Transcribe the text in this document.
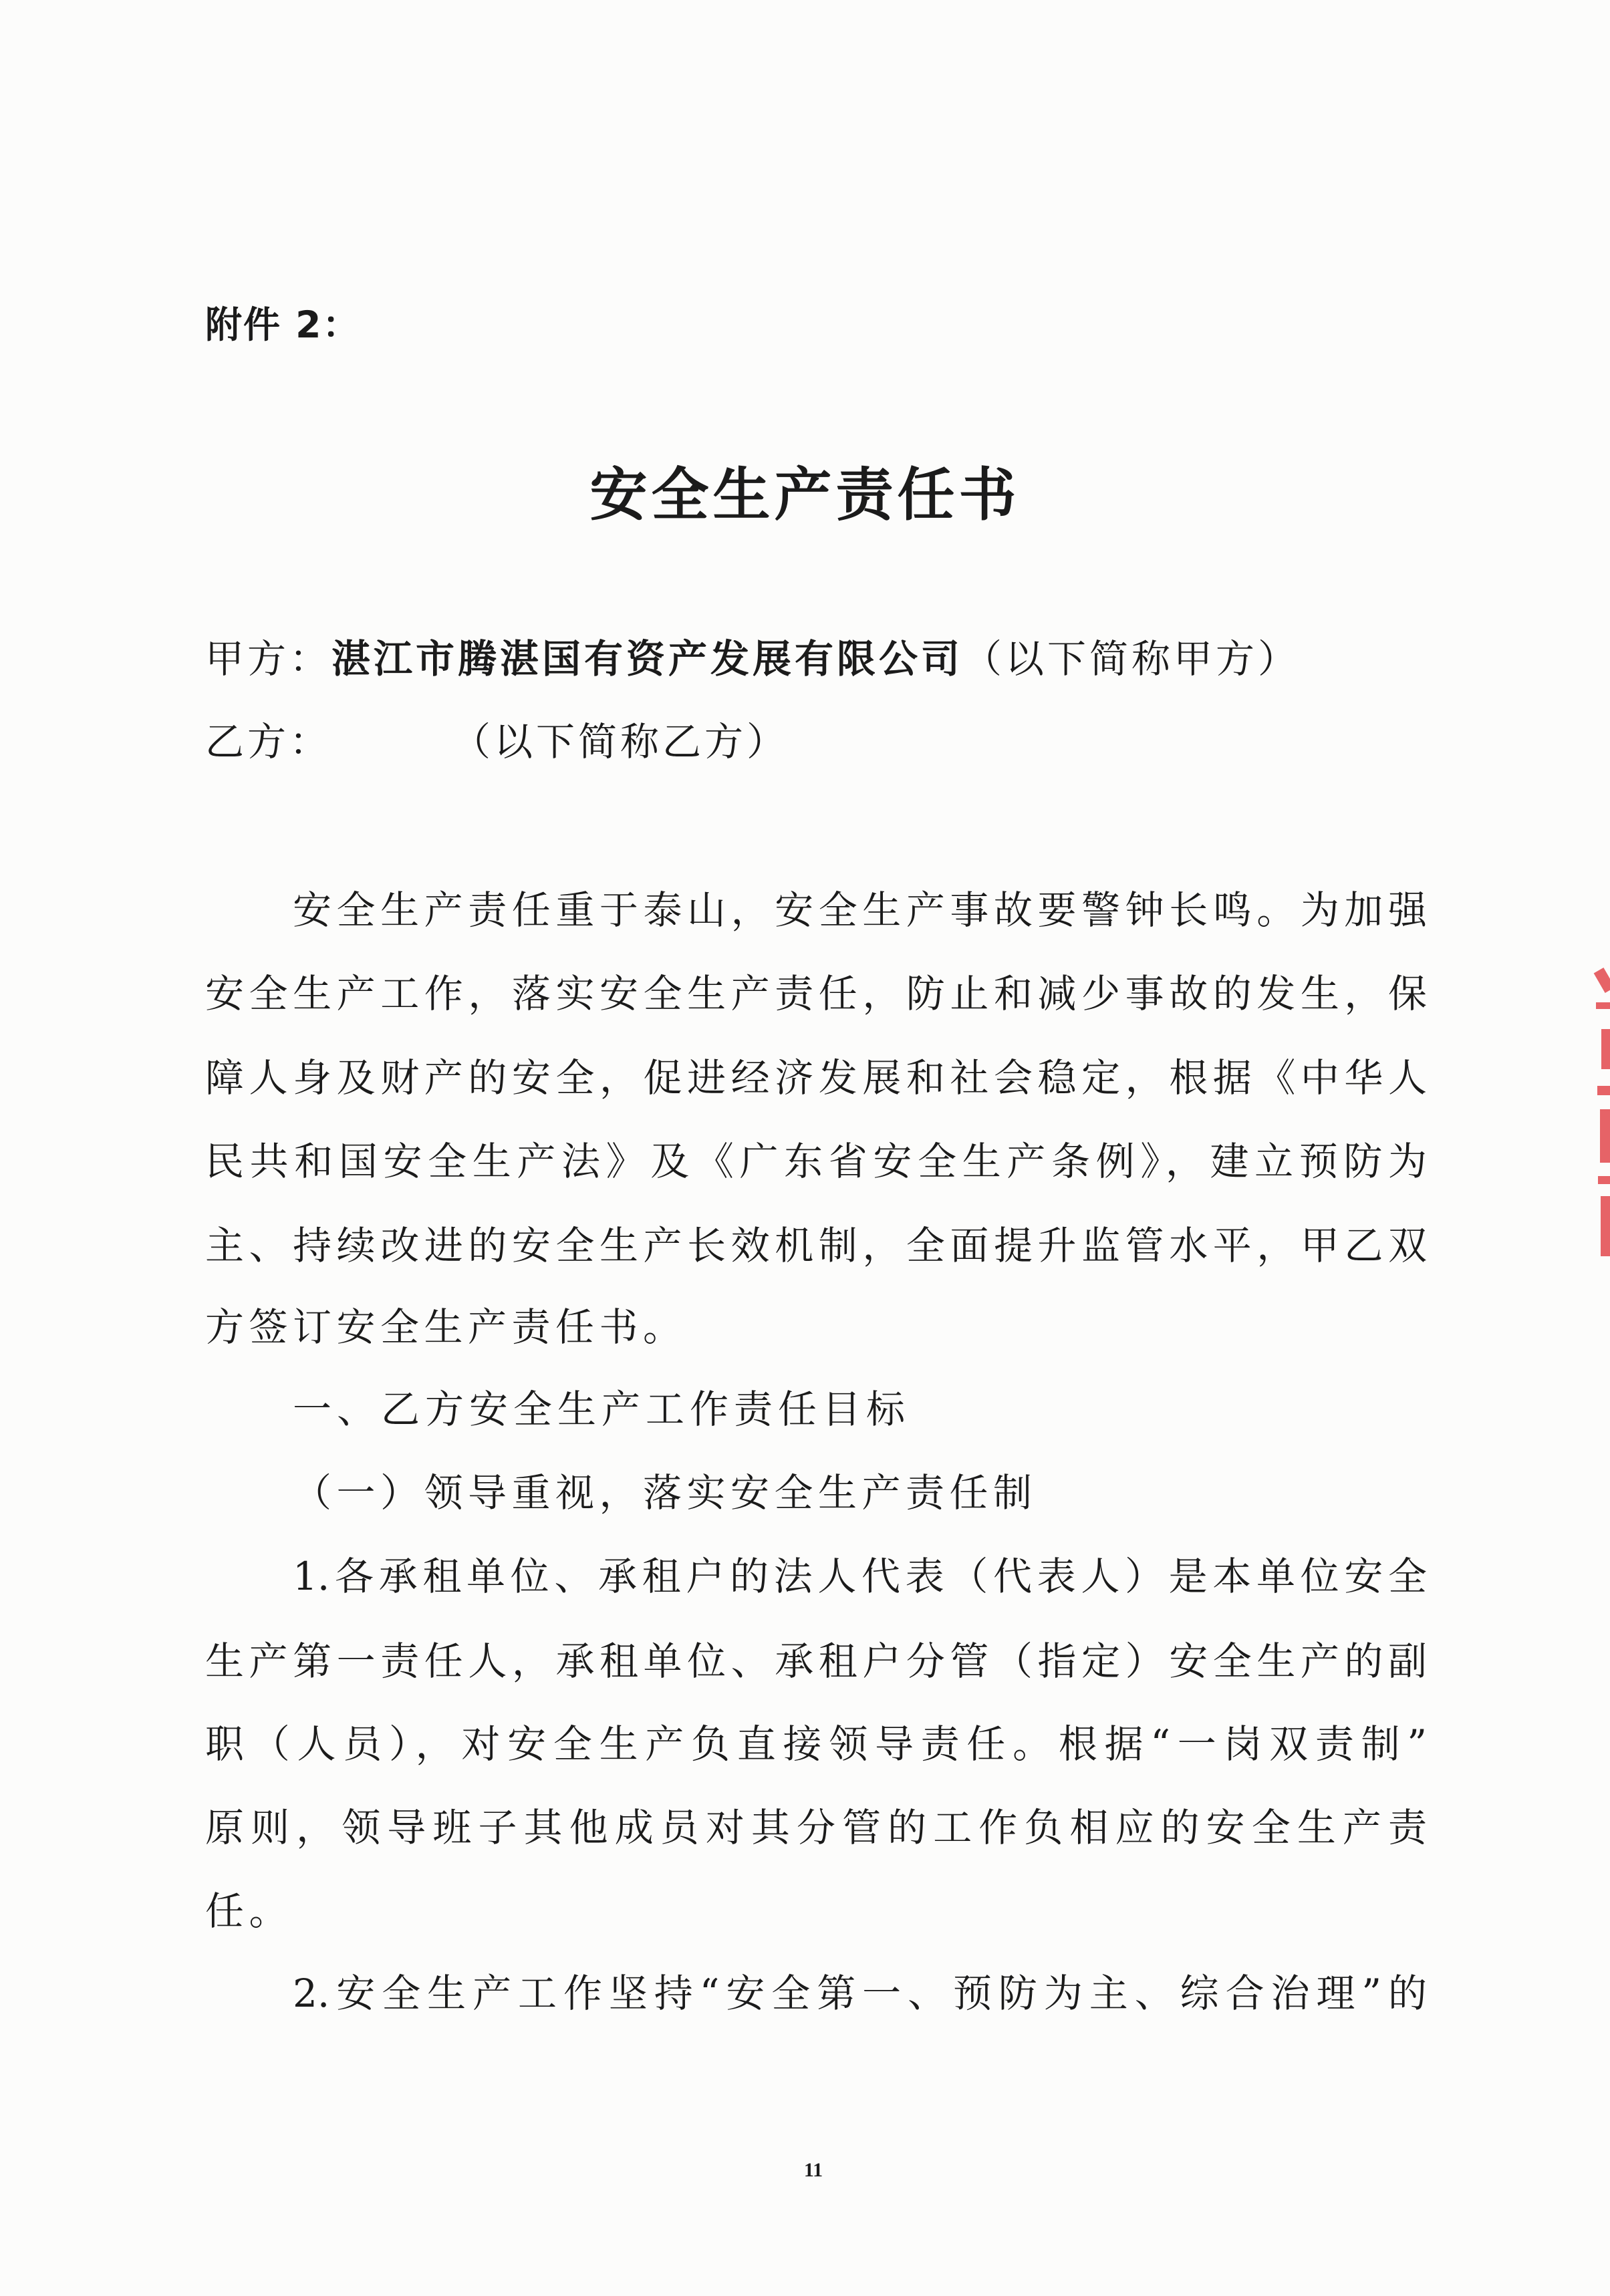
附件 2：
安全生产责任书
甲方：湛江市腾湛国有资产发展有限公司（以下简称甲方）
乙方：	（以下简称乙方）
安全生产责任重于泰山，安全生产事故要警钟长鸣。为加强
安全生产工作，落实安全生产责任，防止和减少事故的发生，保
障人身及财产的安全，促进经济发展和社会稳定，根据《中华人
民共和国安全生产法》及《广东省安全生产条例》，建立预防为
主、持续改进的安全生产长效机制，全面提升监管水平，甲乙双
方签订安全生产责任书。
一、乙方安全生产工作责任目标
（一）领导重视，落实安全生产责任制
1.各承租单位、承租户的法人代表（代表人）是本单位安全
生产第一责任人，承租单位、承租户分管（指定）安全生产的副
职（人员），对安全生产负直接领导责任。根据“一岗双责制”
原则，领导班子其他成员对其分管的工作负相应的安全生产责
任。
2.安全生产工作坚持“安全第一、预防为主、综合治理”的
11
